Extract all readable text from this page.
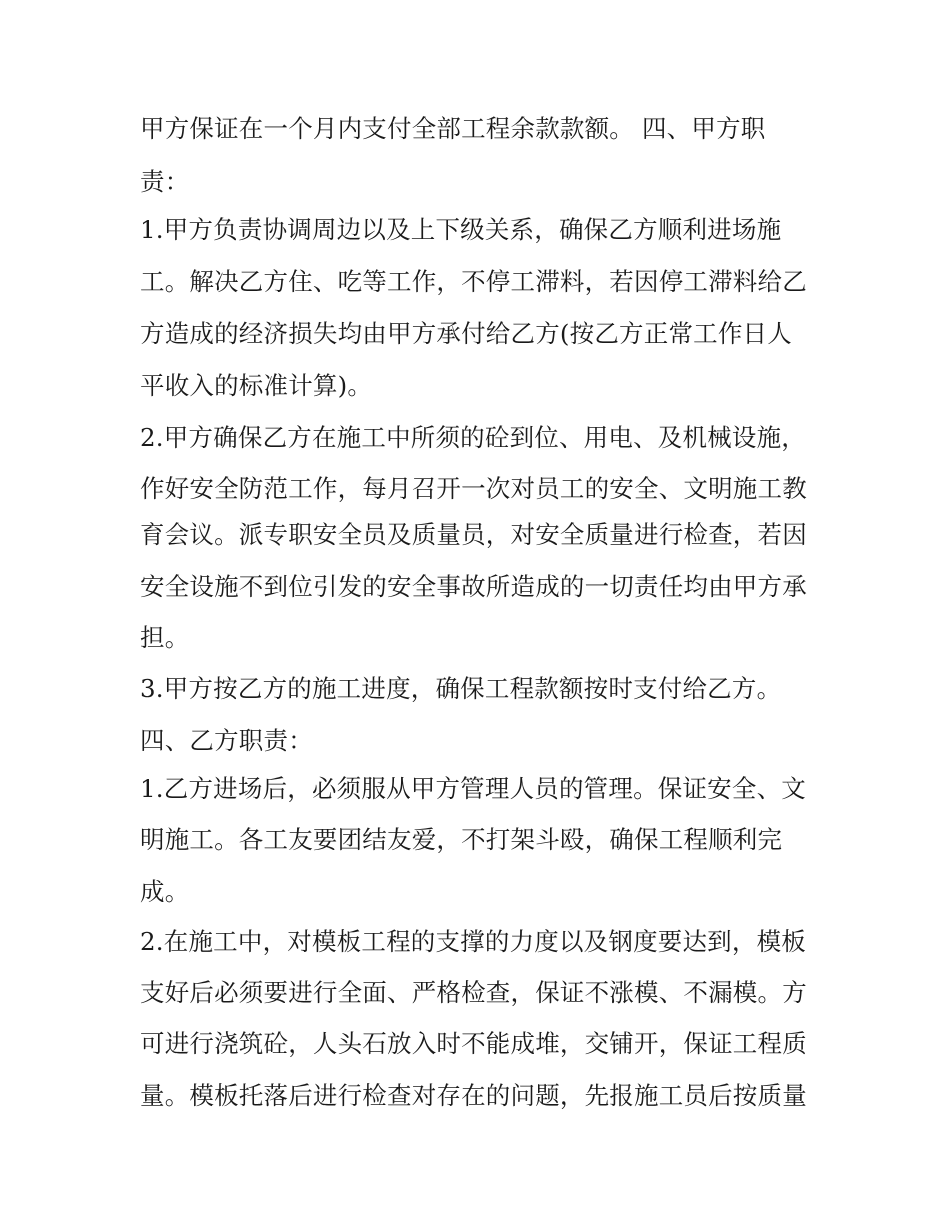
甲方保证在一个月内支付全部工程余款款额。 四、甲方职
责：
1.甲方负责协调周边以及上下级关系，确保乙方顺利进场施
工。解决乙方住、吃等工作，不停工滞料，若因停工滞料给乙
方造成的经济损失均由甲方承付给乙方(按乙方正常工作日人
平收入的标准计算)。
2.甲方确保乙方在施工中所须的砼到位、用电、及机械设施，
作好安全防范工作，每月召开一次对员工的安全、文明施工教
育会议。派专职安全员及质量员，对安全质量进行检查，若因
安全设施不到位引发的安全事故所造成的一切责任均由甲方承
担。
3.甲方按乙方的施工进度，确保工程款额按时支付给乙方。
四、乙方职责：
1.乙方进场后，必须服从甲方管理人员的管理。保证安全、文
明施工。各工友要团结友爱，不打架斗殴，确保工程顺利完
成。
2.在施工中，对模板工程的支撑的力度以及钢度要达到，模板
支好后必须要进行全面、严格检查，保证不涨模、不漏模。方
可进行浇筑砼，人头石放入时不能成堆，交铺开，保证工程质
量。模板托落后进行检查对存在的问题，先报施工员后按质量
